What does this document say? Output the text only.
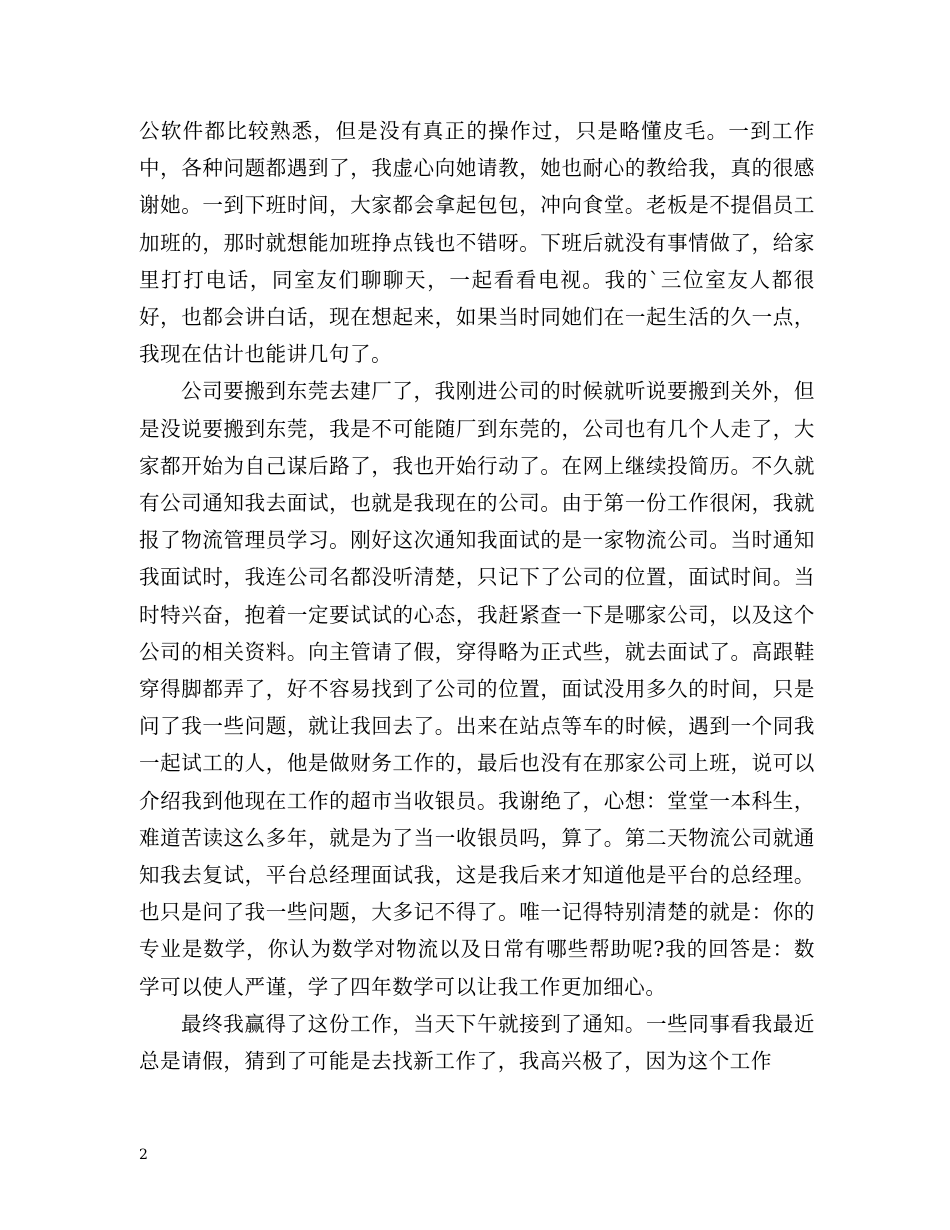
公软件都比较熟悉，但是没有真正的操作过，只是略懂皮毛。一到工作中，各种问题都遇到了，我虚心向她请教，她也耐心的教给我，真的很感谢她。一到下班时间，大家都会拿起包包，冲向食堂。老板是不提倡员工加班的，那时就想能加班挣点钱也不错呀。下班后就没有事情做了，给家里打打电话，同室友们聊聊天，一起看看电视。我的`三位室友人都很好，也都会讲白话，现在想起来，如果当时同她们在一起生活的久一点，我现在估计也能讲几句了。

公司要搬到东莞去建厂了，我刚进公司的时候就听说要搬到关外，但是没说要搬到东莞，我是不可能随厂到东莞的，公司也有几个人走了，大家都开始为自己谋后路了，我也开始行动了。在网上继续投简历。不久就有公司通知我去面试，也就是我现在的公司。由于第一份工作很闲，我就报了物流管理员学习。刚好这次通知我面试的是一家物流公司。当时通知我面试时，我连公司名都没听清楚，只记下了公司的位置，面试时间。当时特兴奋，抱着一定要试试的心态，我赶紧查一下是哪家公司，以及这个公司的相关资料。向主管请了假，穿得略为正式些，就去面试了。高跟鞋穿得脚都弄了，好不容易找到了公司的位置，面试没用多久的时间，只是问了我一些问题，就让我回去了。出来在站点等车的时候，遇到一个同我一起试工的人，他是做财务工作的，最后也没有在那家公司上班，说可以介绍我到他现在工作的超市当收银员。我谢绝了，心想：堂堂一本科生，难道苦读这么多年，就是为了当一收银员吗，算了。第二天物流公司就通知我去复试，平台总经理面试我，这是我后来才知道他是平台的总经理。也只是问了我一些问题，大多记不得了。唯一记得特别清楚的就是：你的专业是数学，你认为数学对物流以及日常有哪些帮助呢?我的回答是：数学可以使人严谨，学了四年数学可以让我工作更加细心。

最终我赢得了这份工作，当天下午就接到了通知。一些同事看我最近总是请假，猜到了可能是去找新工作了，我高兴极了，因为这个工作

2
